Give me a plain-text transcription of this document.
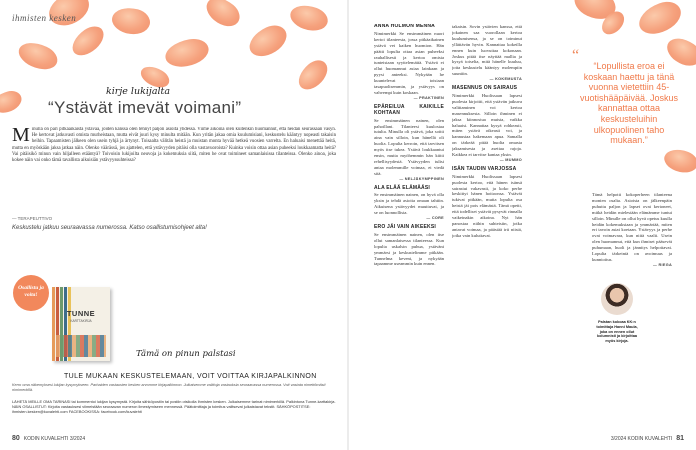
ihmisten kesken
kirje lukijalta
“Ystävät imevät voimani”
M inulla on pari pitkäaikaista ystävää, joiden kanssa olen tehnyt paljon asioita yhdessä. Viime aikoina olen kuitenkin huomannut, että heidän seurassaan väsyn. He kertovat jatkuvasti omista murheistaan, mutta eivät juuri kysy minulta mitään. Kun yritän jakaa omia kuulumisiani, keskustelu kääntyy nopeasti takaisin heihin. Tapaamisten jälkeen olen usein tyhjä ja ärtynyt. Toisaalta välitän heistä ja muistan monta hyvää hetkeä vuosien varrelta. En haluaisi menettää heitä, mutta en myöskään jaksa jatkaa näin. Olenko väärässä, jos ajattelen, että ystävyyden pitäisi olla vastavuoroista? Kuinka voisin ottaa asian puheeksi loukkaamatta heitä? Vai pitäisikö minun vain hiljalleen etääntyä? Toivoisin lukijoilta neuvoja ja kokemuksia siitä, miten he ovat toimineet samanlaisissa tilanteissa. Olenko ainoa, joka kokee näin vai onko tämä tavallista aikuisiän ystävyyssuhteissa?
— TERAPEUTTIVO
Keskustelu jatkuu seuraavassa numerossa. Katso osallistumisohjeet alta!
Osallistu ja voita!
TUNNE
KARTTAKIRJA
Tämä on pinun palstasi
TULE MUKAAN KESKUSTELEMAAN, VOIT VOITTAA KIRJAPALKINNON
Kerro oma näkemyksesi lukijan kysymykseen. Parhaiden vastausten kesken arvomme kirjapalkinnon. Julkaisemme valittuja vastauksia seuraavassa numerossa. Voit vastata nimettömästi nimimerkillä.
LÄHETÄ MEILLE OMA TARINASI tai kommentoi lukijan kysymystä. Kirjoita sähköpostiin tai postiin otsikolla Ihmisten kesken. Julkaisemme tarinat nimimerkillä. Palkintona Tunne-karttakirja. NÄIN OSALLISTUT: Kirjoita vastauksesi viimeistään seuraavan numeron ilmestymiseen mennessä. Päätoimittaja ja toimitus valitsevat julkaistavat tekstit. SÄHKÖPOSTITSE: ihmisten.kesken@kuvalehti.com FACEBOOKISSA: facebook.com/kuvalehti
80 KODIN KUVALEHTI 3/2024
ANNA HÖLMÖN MENNÄ

Nimimerkki Se ensimmäinen nuori kertoi tilanteesta, jossa pitkäaikainen ystävä vei kaiken huomion. Hän päätti lopulta ottaa asian puheeksi rauhallisesti ja kertoa omista tunteistaan syyttelemättä. Ystävä ei ollut huomannut asiaa lainkaan ja pyysi anteeksi. Nykyään he kuuntelevat toisiaan tasapuolisemmin, ja ystävyys on vahvempi kuin koskaan.

— PRAKTINEN

EPÄREILUA KAIKILLE KOHTAAN

Se ensimmäinen nainen, olen pahoillani. Tilanteesi kuulostaa tutulta. Minulla oli ystävä, joka soitti aina vain silloin, kun hänellä oli huolia. Lopulta kerroin, että tarvitsen myös itse tukea. Ystävä loukkaantui ensin, mutta myöhemmin hän kiitti rehellisyydestä. Ystävyyden tulisi antaa molemmille voimaa, ei viedä sitä.

— NELJÄKYMPPINEN

ALA ELÄÄ ELÄMÄÄSI

Se ensimmäinen nainen, on hyvä olla yksin ja tehdä asioita omaan tahtiin. Aikuisena ystävyydet muuttuvat, ja se on luonnollista.

— CORE

ERO JÄI VAIN AIKEEKSI

Se ensimmäinen nainen, olen itse ollut samanlaisessa tilanteessa. Kun lopulta uskalsin puhua, ystäväni ymmärsi ja keskustelimme pitkään. Tunnelma keveni, ja nykyään tapaamme useammin kuin ennen.

takaisin. Sovin ystävien kanssa, että jokainen saa vuorollaan kertoa kuulumisensa, ja se on toiminut yllättävän hyvin. Kannattaa kokeilla ennen kuin luovuttaa kokonaan. Joskus pitää itse näyttää mallia ja kysyä toiselta, mitä hänelle kuuluu, jotta keskustelu kääntyy molempiin suuntiin.

— KOKEMUSTA

MASENNUS ON SAIRAUS

Nimimerkki Huolissaan lapsesi puolesta kirjoitti, että ystävän jatkuva valittaminen voi kertoa masennuksesta. Silloin ihminen ei jaksa kiinnostua muista, vaikka haluaisi. Kannattaa kysyä rohkeasti, miten ystävä oikeasti voi, ja kannustaa hakemaan apua. Samalla on tärkeää pitää huolta omasta jaksamisesta ja asettaa rajoja. Kaikkea ei tarvitse kantaa yksin.

— MUMMO

ISÄN TAUDIN VARJOSSA

Nimimerkki Huolissaan lapsesi puolesta kertoo, että hänen isänsä sairastui vakavasti, ja koko perhe keskittyi hänen hoitoonsa. Ystävät tukivat pitkään, mutta lopulta osa heistä jäi pois elämästä. Tämä opetti, että todelliset ystävät pysyvät rinnalla vaikeinakin aikoina. Nyt hän panostaa niihin suhteisiin, jotka antavat voimaa, ja päästää irti niistä, jotka vain kuluttavat.

Tämä helpotti kokoperheen tilanteena monien osalta. Asioista on jälkeenpäin puhuttu paljon ja lapset ovat kertoneet, mitkä heidän mielestään elämämme tuntui silloin. Minulle on ollut hyvä opetus kuulla heidän kokemuksiaan ja ymmärtää, miten eri tavoin asiat koetaan. Ystävyys ja perhe ovat voimavara, kun niitä vaalii. Usein olen huomannut, että kun ihmiset pääsevät puhumaan, huoli ja jännitys helpottavat. Lopulta tärkeintä on avoimuus ja kunnioitus.

— RIEGA

“
“Lopullista eroa ei koskaan haettu ja tänä vuonna vietettiin 45-vuotishääpäivää. Joskus kannattaa ottaa keskusteluihin ulkopuolinen taho mukaan.”
Palstan kokoaa KK:n toimittaja Hanni Maula, joka on ennen ollut kolumnisti ja kirjoittaa myös kirjoja.
3/2024 KODIN KUVALEHTI 81
